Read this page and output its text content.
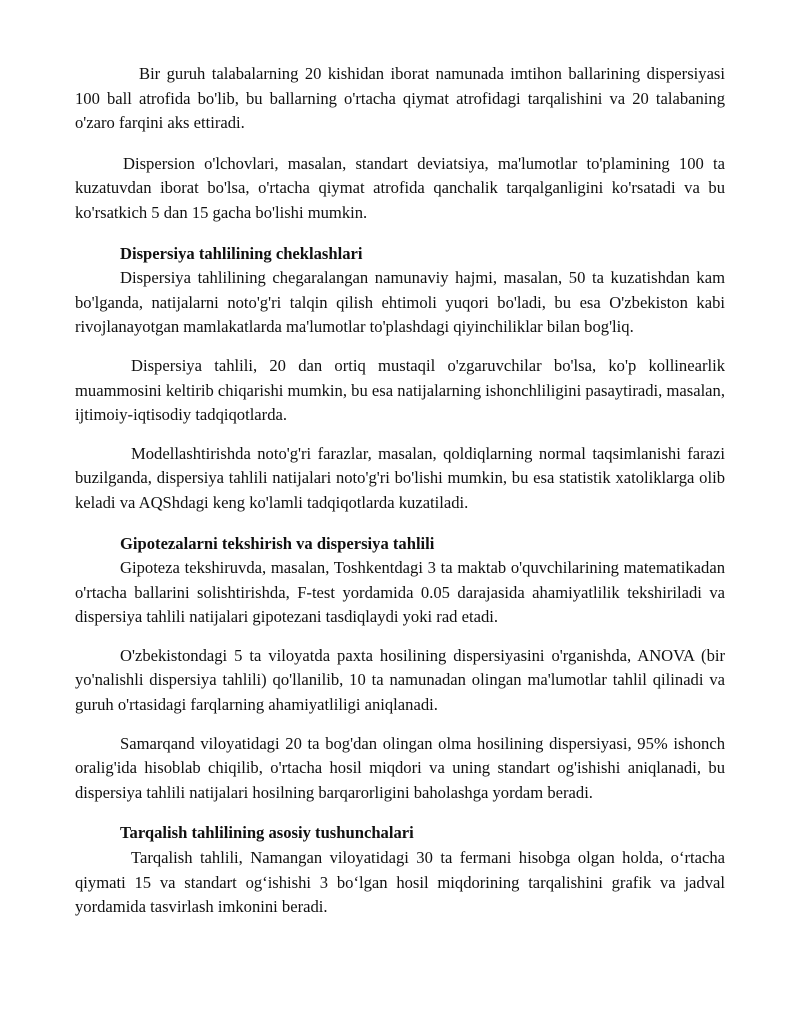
Bir guruh talabalarning 20 kishidan iborat namunada imtihon ballarining dispersiyasi 100 ball atrofida bo'lib, bu ballarning o'rtacha qiymat atrofidagi tarqalishini va 20 talabaning o'zaro farqini aks ettiradi.

Dispersion o'lchovlari, masalan, standart deviatsiya, ma'lumotlar to'plamining 100 ta kuzatuvdan iborat bo'lsa, o'rtacha qiymat atrofida qanchalik tarqalganligini ko'rsatadi va bu ko'rsatkich 5 dan 15 gacha bo'lishi mumkin.

Dispersiya tahlilining cheklashlari

Dispersiya tahlilining chegaralangan namunaviy hajmi, masalan, 50 ta kuzatishdan kam bo'lganda, natijalarni noto'g'ri talqin qilish ehtimoli yuqori bo'ladi, bu esa O'zbekiston kabi rivojlanayotgan mamlakatlarda ma'lumotlar to'plashdagi qiyinchiliklar bilan bog'liq.

Dispersiya tahlili, 20 dan ortiq mustaqil o'zgaruvchilar bo'lsa, ko'p kollinearlik muammosini keltirib chiqarishi mumkin, bu esa natijalarning ishonchliligini pasaytiradi, masalan, ijtimoiy-iqtisodiy tadqiqotlarda.

Modellashtirishda noto'g'ri farazlar, masalan, qoldiqlarning normal taqsimlanishi farazi buzilganda, dispersiya tahlili natijalari noto'g'ri bo'lishi mumkin, bu esa statistik xatoliklarga olib keladi va AQShdagi keng ko'lamli tadqiqotlarda kuzatiladi.

Gipotezalarni tekshirish va dispersiya tahlili

Gipoteza tekshiruvda, masalan, Toshkentdagi 3 ta maktab o'quvchilarining matematikadan o'rtacha ballarini solishtirishda, F-test yordamida 0.05 darajasida ahamiyatlilik tekshiriladi va dispersiya tahlili natijalari gipotezani tasdiqlaydi yoki rad etadi.

O'zbekistondagi 5 ta viloyatda paxta hosilining dispersiyasini o'rganishda, ANOVA (bir yo'nalishli dispersiya tahlili) qo'llanilib, 10 ta namunadan olingan ma'lumotlar tahlil qilinadi va guruh o'rtasidagi farqlarning ahamiyatliligi aniqlanadi.

Samarqand viloyatidagi 20 ta bog'dan olingan olma hosilining dispersiyasi, 95% ishonch oralig'ida hisoblab chiqilib, o'rtacha hosil miqdori va uning standart og'ishishi aniqlanadi, bu dispersiya tahlili natijalari hosilning barqarorligini baholashga yordam beradi.

Tarqalish tahlilining asosiy tushunchalari

Tarqalish tahlili, Namangan viloyatidagi 30 ta fermani hisobga olgan holda, oʻrtacha qiymati 15 va standart ogʻishishi 3 boʻlgan hosil miqdorining tarqalishini grafik va jadval yordamida tasvirlash imkonini beradi.
